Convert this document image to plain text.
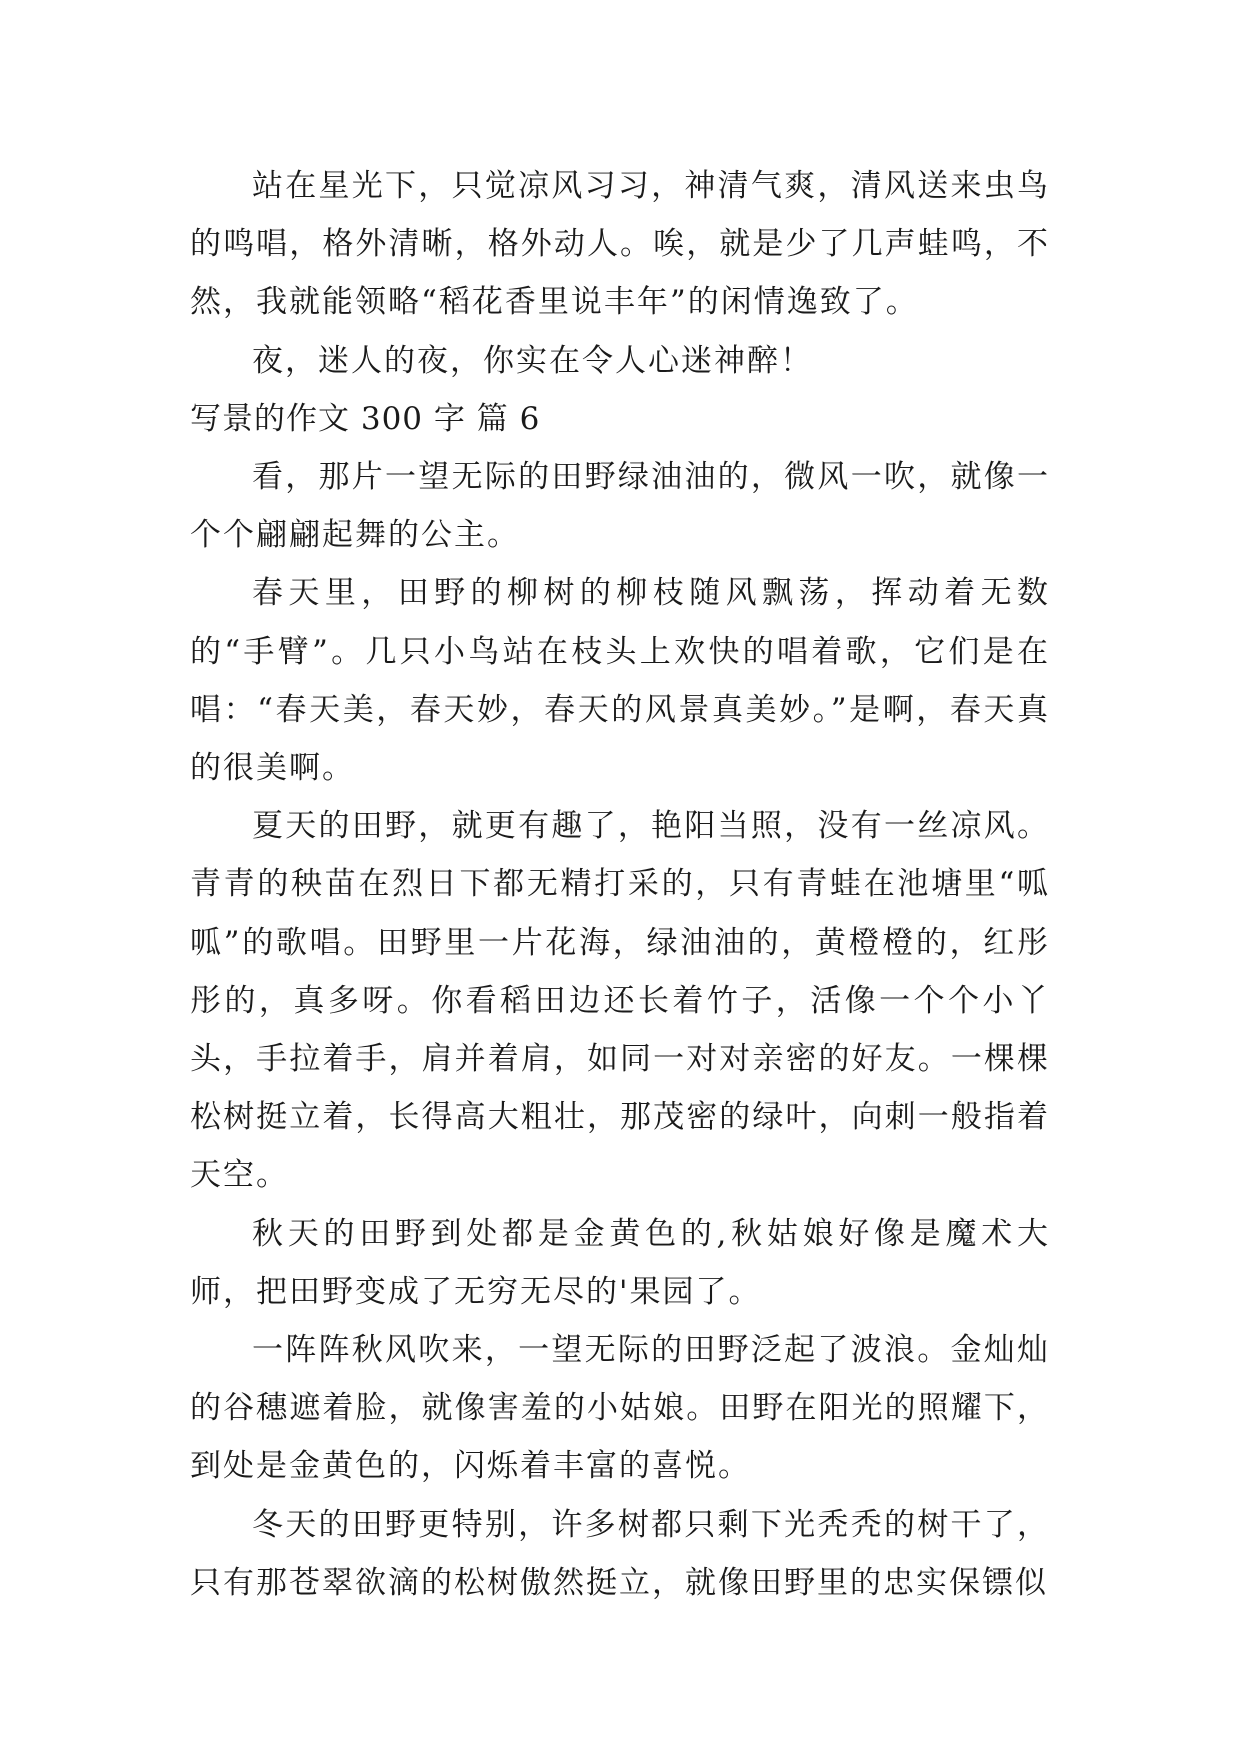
站在星光下，只觉凉风习习，神清气爽，清风送来虫鸟的鸣唱，格外清晰，格外动人。唉，就是少了几声蛙鸣，不然，我就能领略“稻花香里说丰年”的闲情逸致了。

夜，迷人的夜，你实在令人心迷神醉！

写景的作文 300 字 篇 6

看，那片一望无际的田野绿油油的，微风一吹，就像一个个翩翩起舞的公主。

春天里，田野的柳树的柳枝随风飘荡，挥动着无数的“手臂”。几只小鸟站在枝头上欢快的唱着歌，它们是在唱：“春天美，春天妙，春天的风景真美妙。”是啊，春天真的很美啊。

夏天的田野，就更有趣了，艳阳当照，没有一丝凉风。青青的秧苗在烈日下都无精打采的，只有青蛙在池塘里“呱呱”的歌唱。田野里一片花海，绿油油的，黄橙橙的，红彤彤的，真多呀。你看稻田边还长着竹子，活像一个个小丫头，手拉着手，肩并着肩，如同一对对亲密的好友。一棵棵松树挺立着，长得高大粗壮，那茂密的绿叶，向刺一般指着天空。

秋天的田野到处都是金黄色的,秋姑娘好像是魔术大师，把田野变成了无穷无尽的'果园了。

一阵阵秋风吹来，一望无际的田野泛起了波浪。金灿灿的谷穗遮着脸，就像害羞的小姑娘。田野在阳光的照耀下，到处是金黄色的，闪烁着丰富的喜悦。

冬天的田野更特别，许多树都只剩下光秃秃的树干了，只有那苍翠欲滴的松树傲然挺立，就像田野里的忠实保镖似
